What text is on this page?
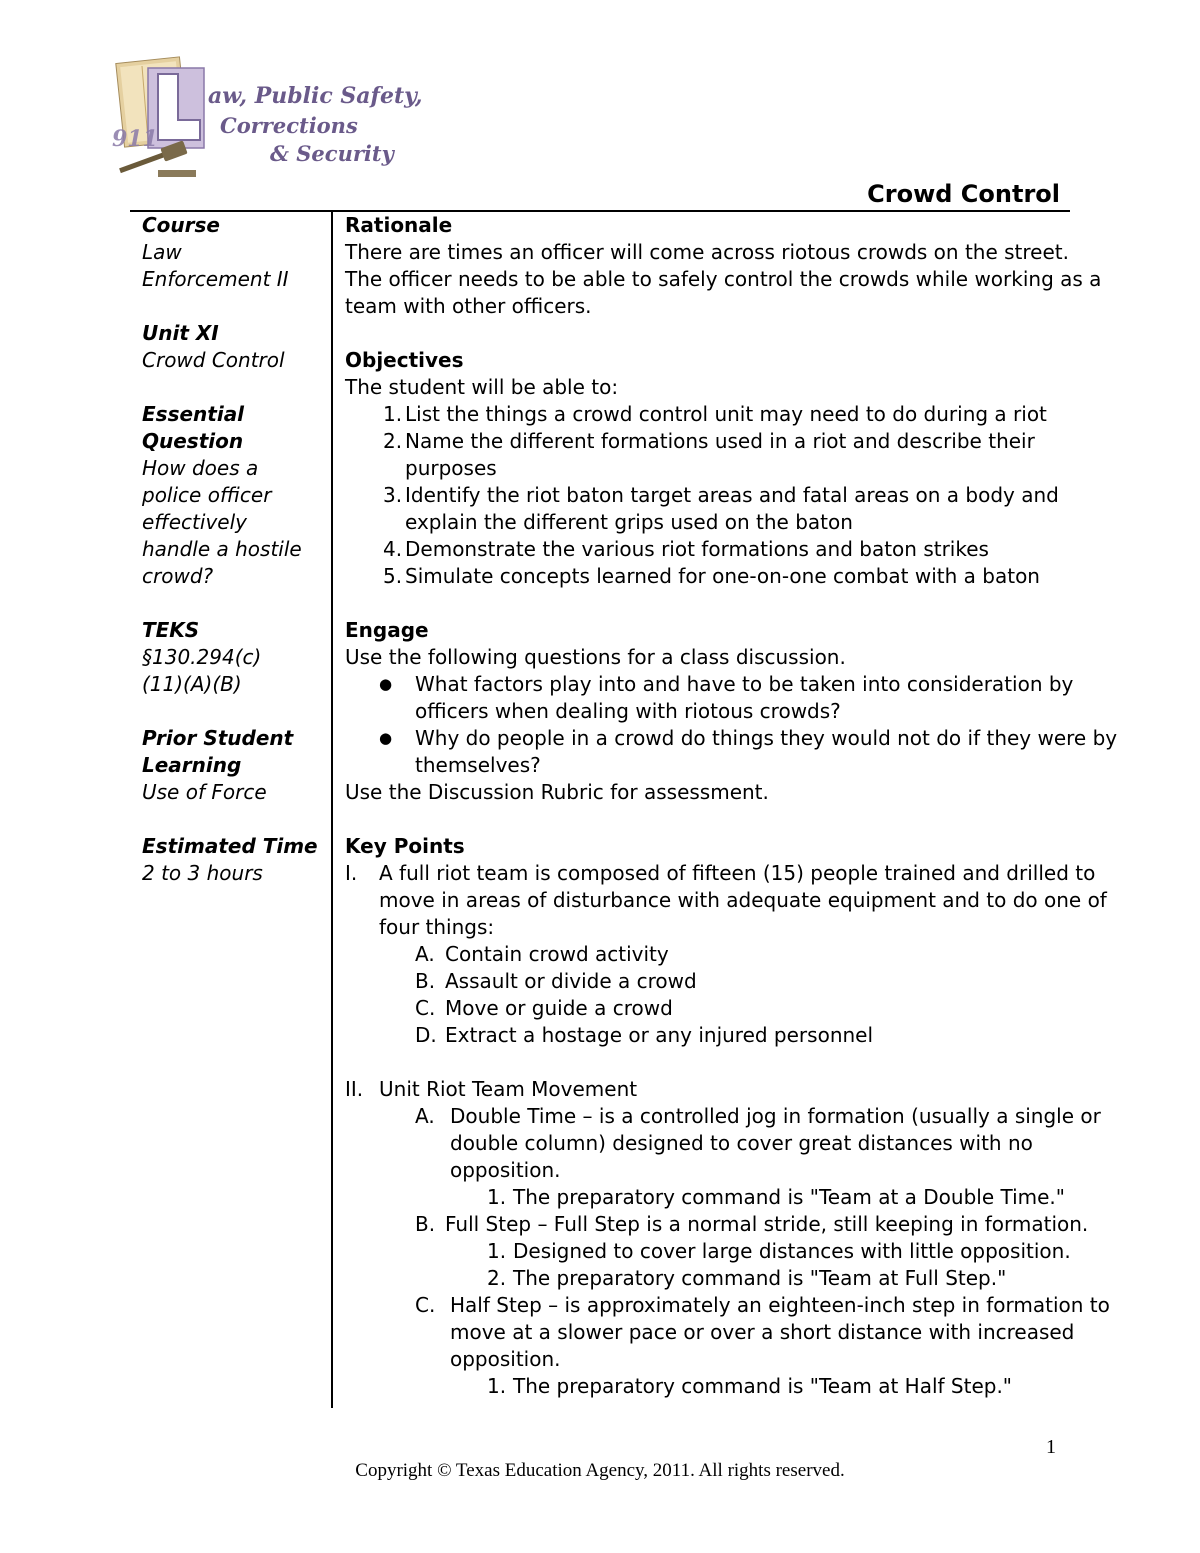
L
911
aw, Public Safety,
Corrections
& Security
Crowd Control
Course
Law
Enforcement II
Unit XI
Crowd Control
Essential
Question
How does a
police officer
effectively
handle a hostile
crowd?
TEKS
§130.294(c)
(11)(A)(B)
Prior Student
Learning
Use of Force
Estimated Time
2 to 3 hours
Rationale
There are times an officer will come across riotous crowds on the street.
The officer needs to be able to safely control the crowds while working as a
team with other officers.
Objectives
The student will be able to:
1. List the things a crowd control unit may need to do during a riot
2. Name the different formations used in a riot and describe their
purposes
3. Identify the riot baton target areas and fatal areas on a body and
explain the different grips used on the baton
4. Demonstrate the various riot formations and baton strikes
5. Simulate concepts learned for one-on-one combat with a baton
Engage
Use the following questions for a class discussion.
● What factors play into and have to be taken into consideration by
officers when dealing with riotous crowds?
● Why do people in a crowd do things they would not do if they were by
themselves?
Use the Discussion Rubric for assessment.
Key Points
I. A full riot team is composed of fifteen (15) people trained and drilled to
move in areas of disturbance with adequate equipment and to do one of
four things:
A. Contain crowd activity
B. Assault or divide a crowd
C. Move or guide a crowd
D. Extract a hostage or any injured personnel
II. Unit Riot Team Movement
A. Double Time – is a controlled jog in formation (usually a single or
double column) designed to cover great distances with no
opposition.
1. The preparatory command is "Team at a Double Time."
B. Full Step – Full Step is a normal stride, still keeping in formation.
1. Designed to cover large distances with little opposition.
2. The preparatory command is "Team at Full Step."
C. Half Step – is approximately an eighteen-inch step in formation to
move at a slower pace or over a short distance with increased
opposition.
1. The preparatory command is "Team at Half Step."
1
Copyright © Texas Education Agency, 2011. All rights reserved.
